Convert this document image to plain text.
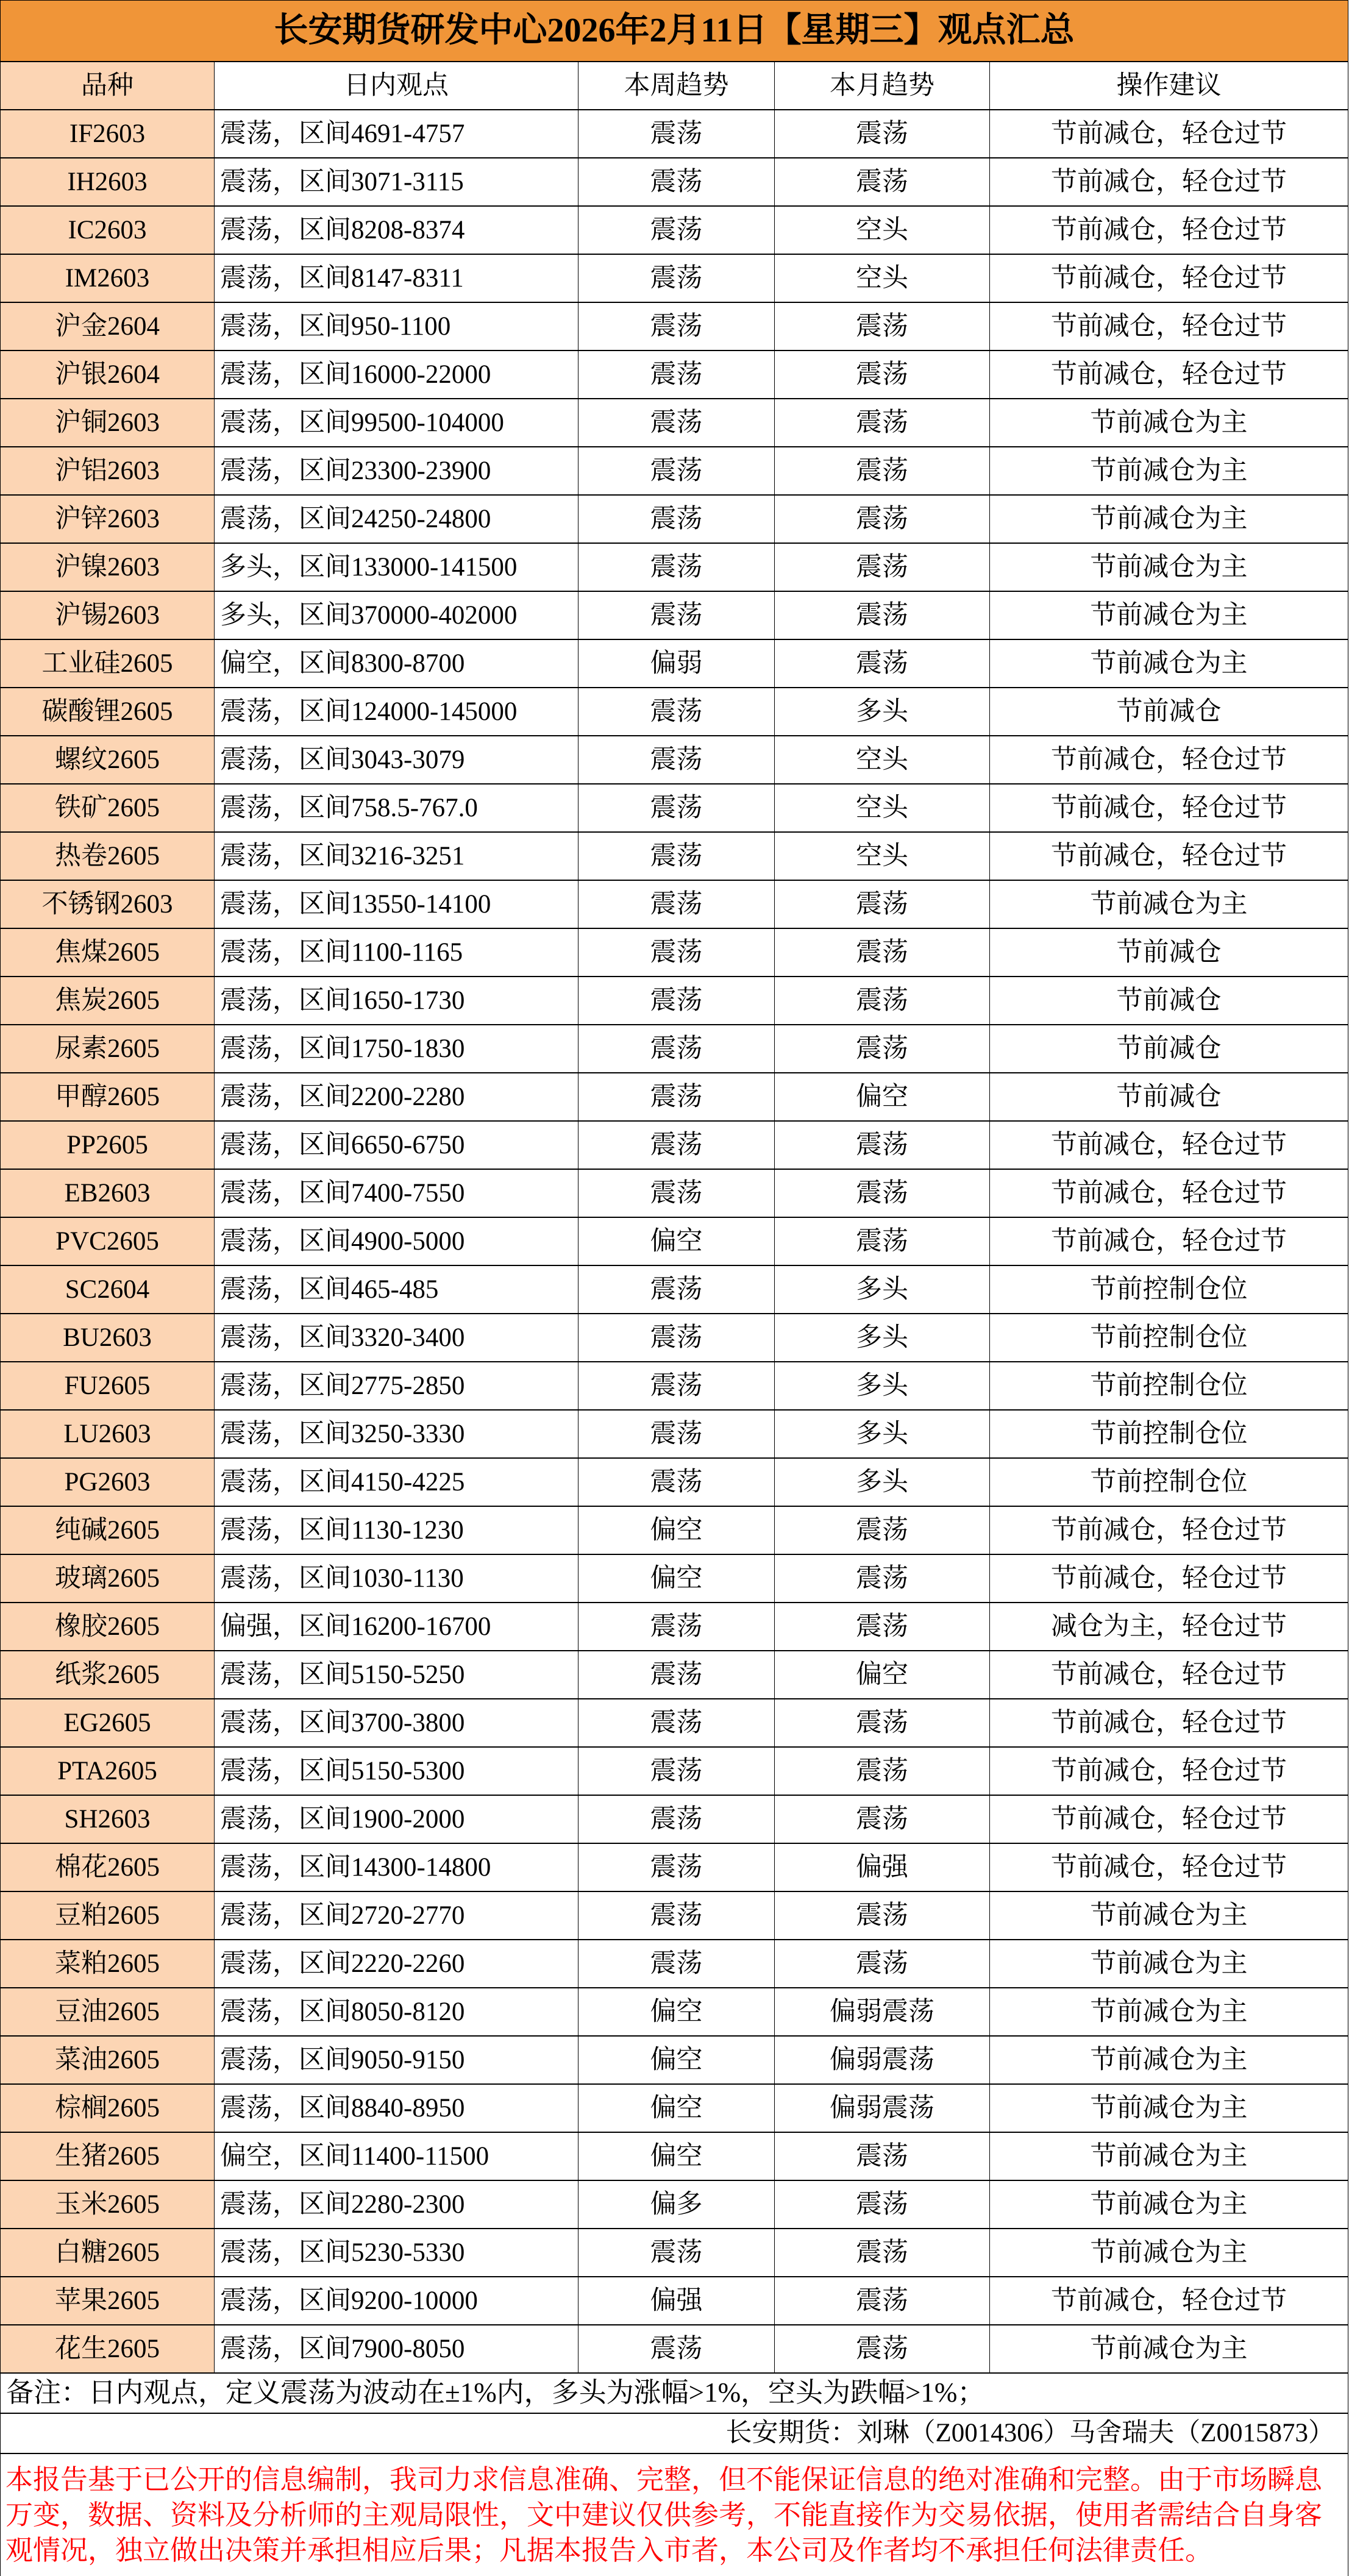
长安期货研发中心2026年2月11日【星期三】观点汇总				
品种	日内观点	本周趋势	本月趋势	操作建议
IF2603	震荡，区间4691-4757	震荡	震荡	节前减仓，轻仓过节
IH2603	震荡，区间3071-3115	震荡	震荡	节前减仓，轻仓过节
IC2603	震荡，区间8208-8374	震荡	空头	节前减仓，轻仓过节
IM2603	震荡，区间8147-8311	震荡	空头	节前减仓，轻仓过节
沪金2604	震荡，区间950-1100	震荡	震荡	节前减仓，轻仓过节
沪银2604	震荡，区间16000-22000	震荡	震荡	节前减仓，轻仓过节
沪铜2603	震荡，区间99500-104000	震荡	震荡	节前减仓为主
沪铝2603	震荡，区间23300-23900	震荡	震荡	节前减仓为主
沪锌2603	震荡，区间24250-24800	震荡	震荡	节前减仓为主
沪镍2603	多头，区间133000-141500	震荡	震荡	节前减仓为主
沪锡2603	多头，区间370000-402000	震荡	震荡	节前减仓为主
工业硅2605	偏空，区间8300-8700	偏弱	震荡	节前减仓为主
碳酸锂2605	震荡，区间124000-145000	震荡	多头	节前减仓
螺纹2605	震荡，区间3043-3079	震荡	空头	节前减仓，轻仓过节
铁矿2605	震荡，区间758.5-767.0	震荡	空头	节前减仓，轻仓过节
热卷2605	震荡，区间3216-3251	震荡	空头	节前减仓，轻仓过节
不锈钢2603	震荡，区间13550-14100	震荡	震荡	节前减仓为主
焦煤2605	震荡，区间1100-1165	震荡	震荡	节前减仓
焦炭2605	震荡，区间1650-1730	震荡	震荡	节前减仓
尿素2605	震荡，区间1750-1830	震荡	震荡	节前减仓
甲醇2605	震荡，区间2200-2280	震荡	偏空	节前减仓
PP2605	震荡，区间6650-6750	震荡	震荡	节前减仓，轻仓过节
EB2603	震荡，区间7400-7550	震荡	震荡	节前减仓，轻仓过节
PVC2605	震荡，区间4900-5000	偏空	震荡	节前减仓，轻仓过节
SC2604	震荡，区间465-485	震荡	多头	节前控制仓位
BU2603	震荡，区间3320-3400	震荡	多头	节前控制仓位
FU2605	震荡，区间2775-2850	震荡	多头	节前控制仓位
LU2603	震荡，区间3250-3330	震荡	多头	节前控制仓位
PG2603	震荡，区间4150-4225	震荡	多头	节前控制仓位
纯碱2605	震荡，区间1130-1230	偏空	震荡	节前减仓，轻仓过节
玻璃2605	震荡，区间1030-1130	偏空	震荡	节前减仓，轻仓过节
橡胶2605	偏强，区间16200-16700	震荡	震荡	减仓为主，轻仓过节
纸浆2605	震荡，区间5150-5250	震荡	偏空	节前减仓，轻仓过节
EG2605	震荡，区间3700-3800	震荡	震荡	节前减仓，轻仓过节
PTA2605	震荡，区间5150-5300	震荡	震荡	节前减仓，轻仓过节
SH2603	震荡，区间1900-2000	震荡	震荡	节前减仓，轻仓过节
棉花2605	震荡，区间14300-14800	震荡	偏强	节前减仓，轻仓过节
豆粕2605	震荡，区间2720-2770	震荡	震荡	节前减仓为主
菜粕2605	震荡，区间2220-2260	震荡	震荡	节前减仓为主
豆油2605	震荡，区间8050-8120	偏空	偏弱震荡	节前减仓为主
菜油2605	震荡，区间9050-9150	偏空	偏弱震荡	节前减仓为主
棕榈2605	震荡，区间8840-8950	偏空	偏弱震荡	节前减仓为主
生猪2605	偏空，区间11400-11500	偏空	震荡	节前减仓为主
玉米2605	震荡，区间2280-2300	偏多	震荡	节前减仓为主
白糖2605	震荡，区间5230-5330	震荡	震荡	节前减仓为主
苹果2605	震荡，区间9200-10000	偏强	震荡	节前减仓，轻仓过节
花生2605	震荡，区间7900-8050	震荡	震荡	节前减仓为主
备注：日内观点，定义震荡为波动在±1%内，多头为涨幅>1%，空头为跌幅>1%；				
长安期货：刘琳（Z0014306）马舍瑞夫（Z0015873）				

本报告基于已公开的信息编制，我司力求信息准确、完整，但不能保证信息的绝对准确和完整。由于市场瞬息
万变，数据、资料及分析师的主观局限性，文中建议仅供参考，不能直接作为交易依据，使用者需结合自身客
观情况，独立做出决策并承担相应后果；凡据本报告入市者，本公司及作者均不承担任何法律责任。				
